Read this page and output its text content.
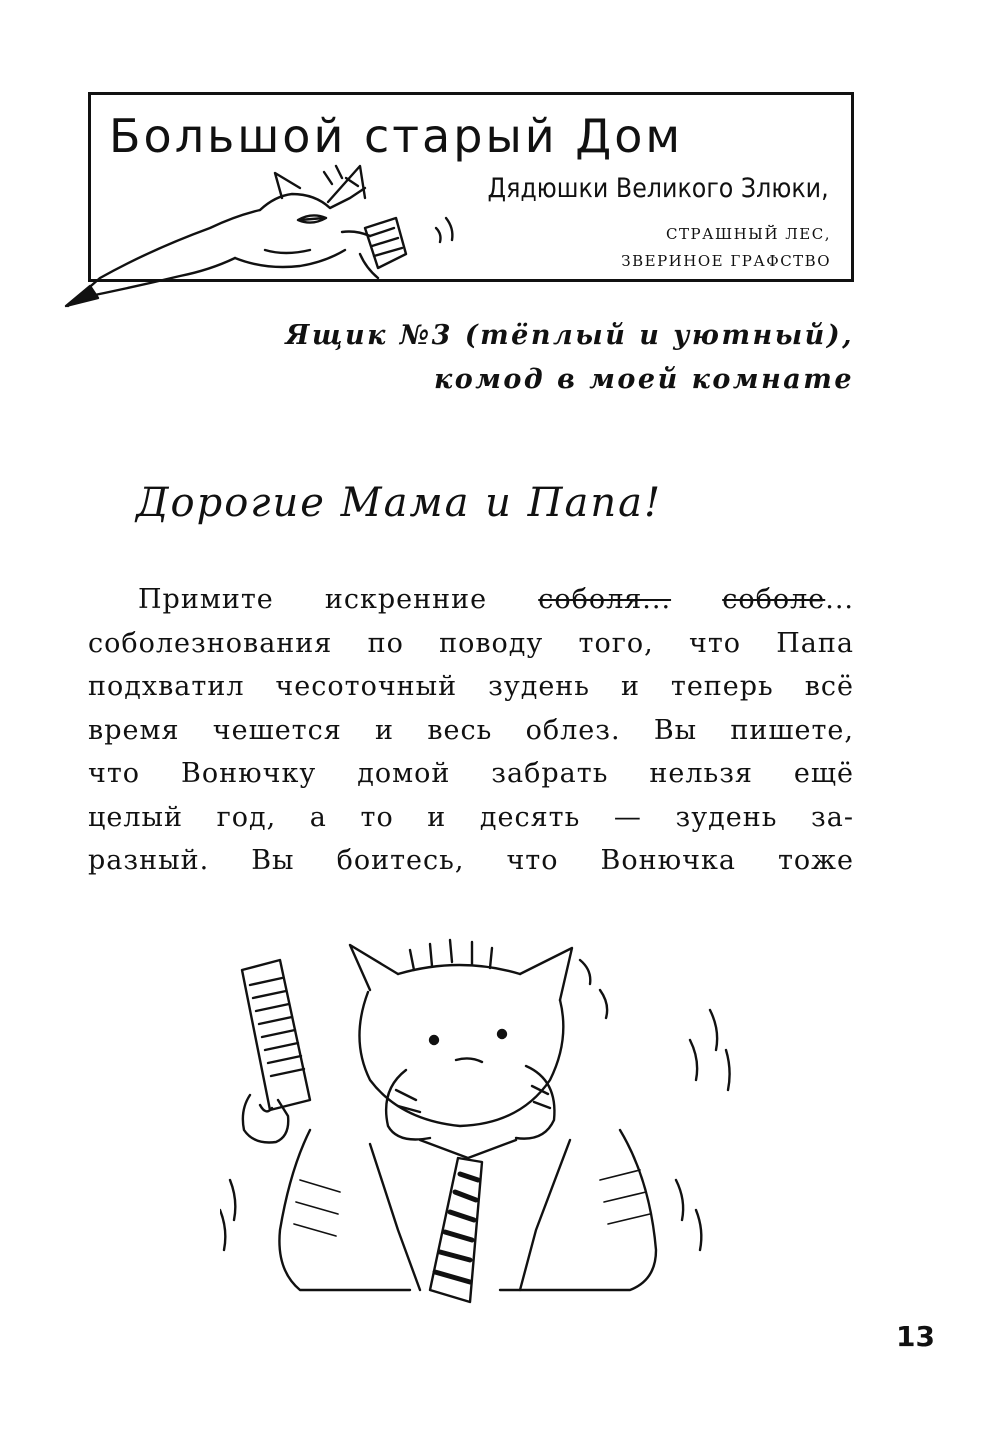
Большой старый Дом
Дядюшки Великого Злюки,
СТРАШНЫЙ ЛЕС,
ЗВЕРИНОЕ ГРАФСТВО
Ящик №3 (тёплый и уютный),
комод в моей комнате
Дорогие Мама и Папа!
Примите искренние соболя... соболе...
соболезнования по поводу того, что Папа
подхватил чесоточный зудень и теперь всё
время чешется и весь облез. Вы пишете,
что Вонючку домой забрать нельзя ещё
целый год, а то и десять — зудень за-
разный. Вы боитесь, что Вонючка тоже
13
